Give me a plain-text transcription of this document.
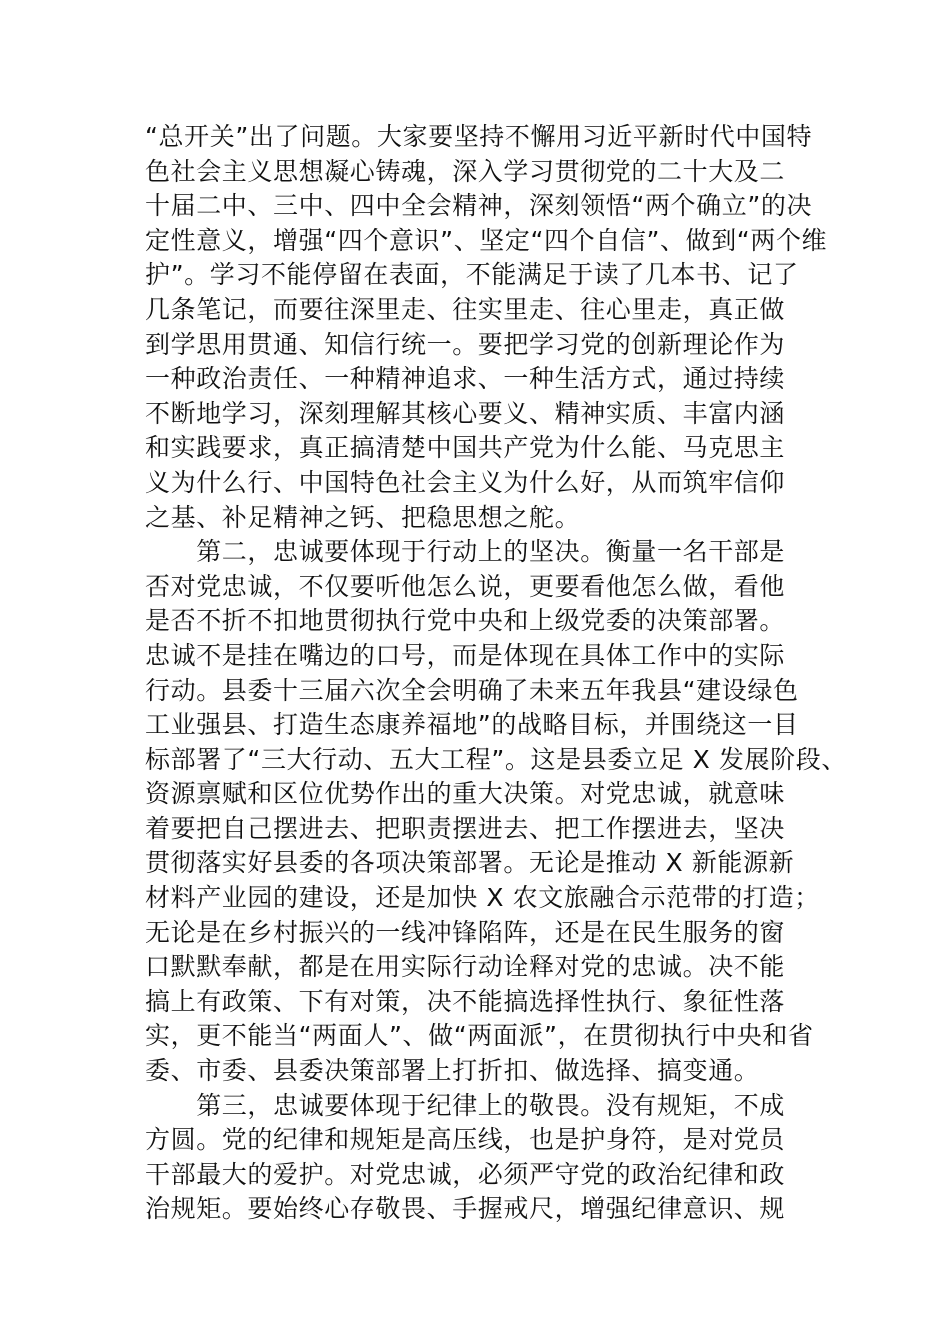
“总开关”出了问题。大家要坚持不懈用习近平新时代中国特
色社会主义思想凝心铸魂，深入学习贯彻党的二十大及二
十届二中、三中、四中全会精神，深刻领悟“两个确立”的决
定性意义，增强“四个意识”、坚定“四个自信”、做到“两个维
护”。学习不能停留在表面，不能满足于读了几本书、记了
几条笔记，而要往深里走、往实里走、往心里走，真正做
到学思用贯通、知信行统一。要把学习党的创新理论作为
一种政治责任、一种精神追求、一种生活方式，通过持续
不断地学习，深刻理解其核心要义、精神实质、丰富内涵
和实践要求，真正搞清楚中国共产党为什么能、马克思主
义为什么行、中国特色社会主义为什么好，从而筑牢信仰
之基、补足精神之钙、把稳思想之舵。
　　第二，忠诚要体现于行动上的坚决。衡量一名干部是
否对党忠诚，不仅要听他怎么说，更要看他怎么做，看他
是否不折不扣地贯彻执行党中央和上级党委的决策部署。
忠诚不是挂在嘴边的口号，而是体现在具体工作中的实际
行动。县委十三届六次全会明确了未来五年我县“建设绿色
工业强县、打造生态康养福地”的战略目标，并围绕这一目
标部署了“三大行动、五大工程”。这是县委立足 X 发展阶段、
资源禀赋和区位优势作出的重大决策。对党忠诚，就意味
着要把自己摆进去、把职责摆进去、把工作摆进去，坚决
贯彻落实好县委的各项决策部署。无论是推动 X 新能源新
材料产业园的建设，还是加快 X 农文旅融合示范带的打造；
无论是在乡村振兴的一线冲锋陷阵，还是在民生服务的窗
口默默奉献，都是在用实际行动诠释对党的忠诚。决不能
搞上有政策、下有对策，决不能搞选择性执行、象征性落
实，更不能当“两面人”、做“两面派”，在贯彻执行中央和省
委、市委、县委决策部署上打折扣、做选择、搞变通。
　　第三，忠诚要体现于纪律上的敬畏。没有规矩，不成
方圆。党的纪律和规矩是高压线，也是护身符，是对党员
干部最大的爱护。对党忠诚，必须严守党的政治纪律和政
治规矩。要始终心存敬畏、手握戒尺，增强纪律意识、规
